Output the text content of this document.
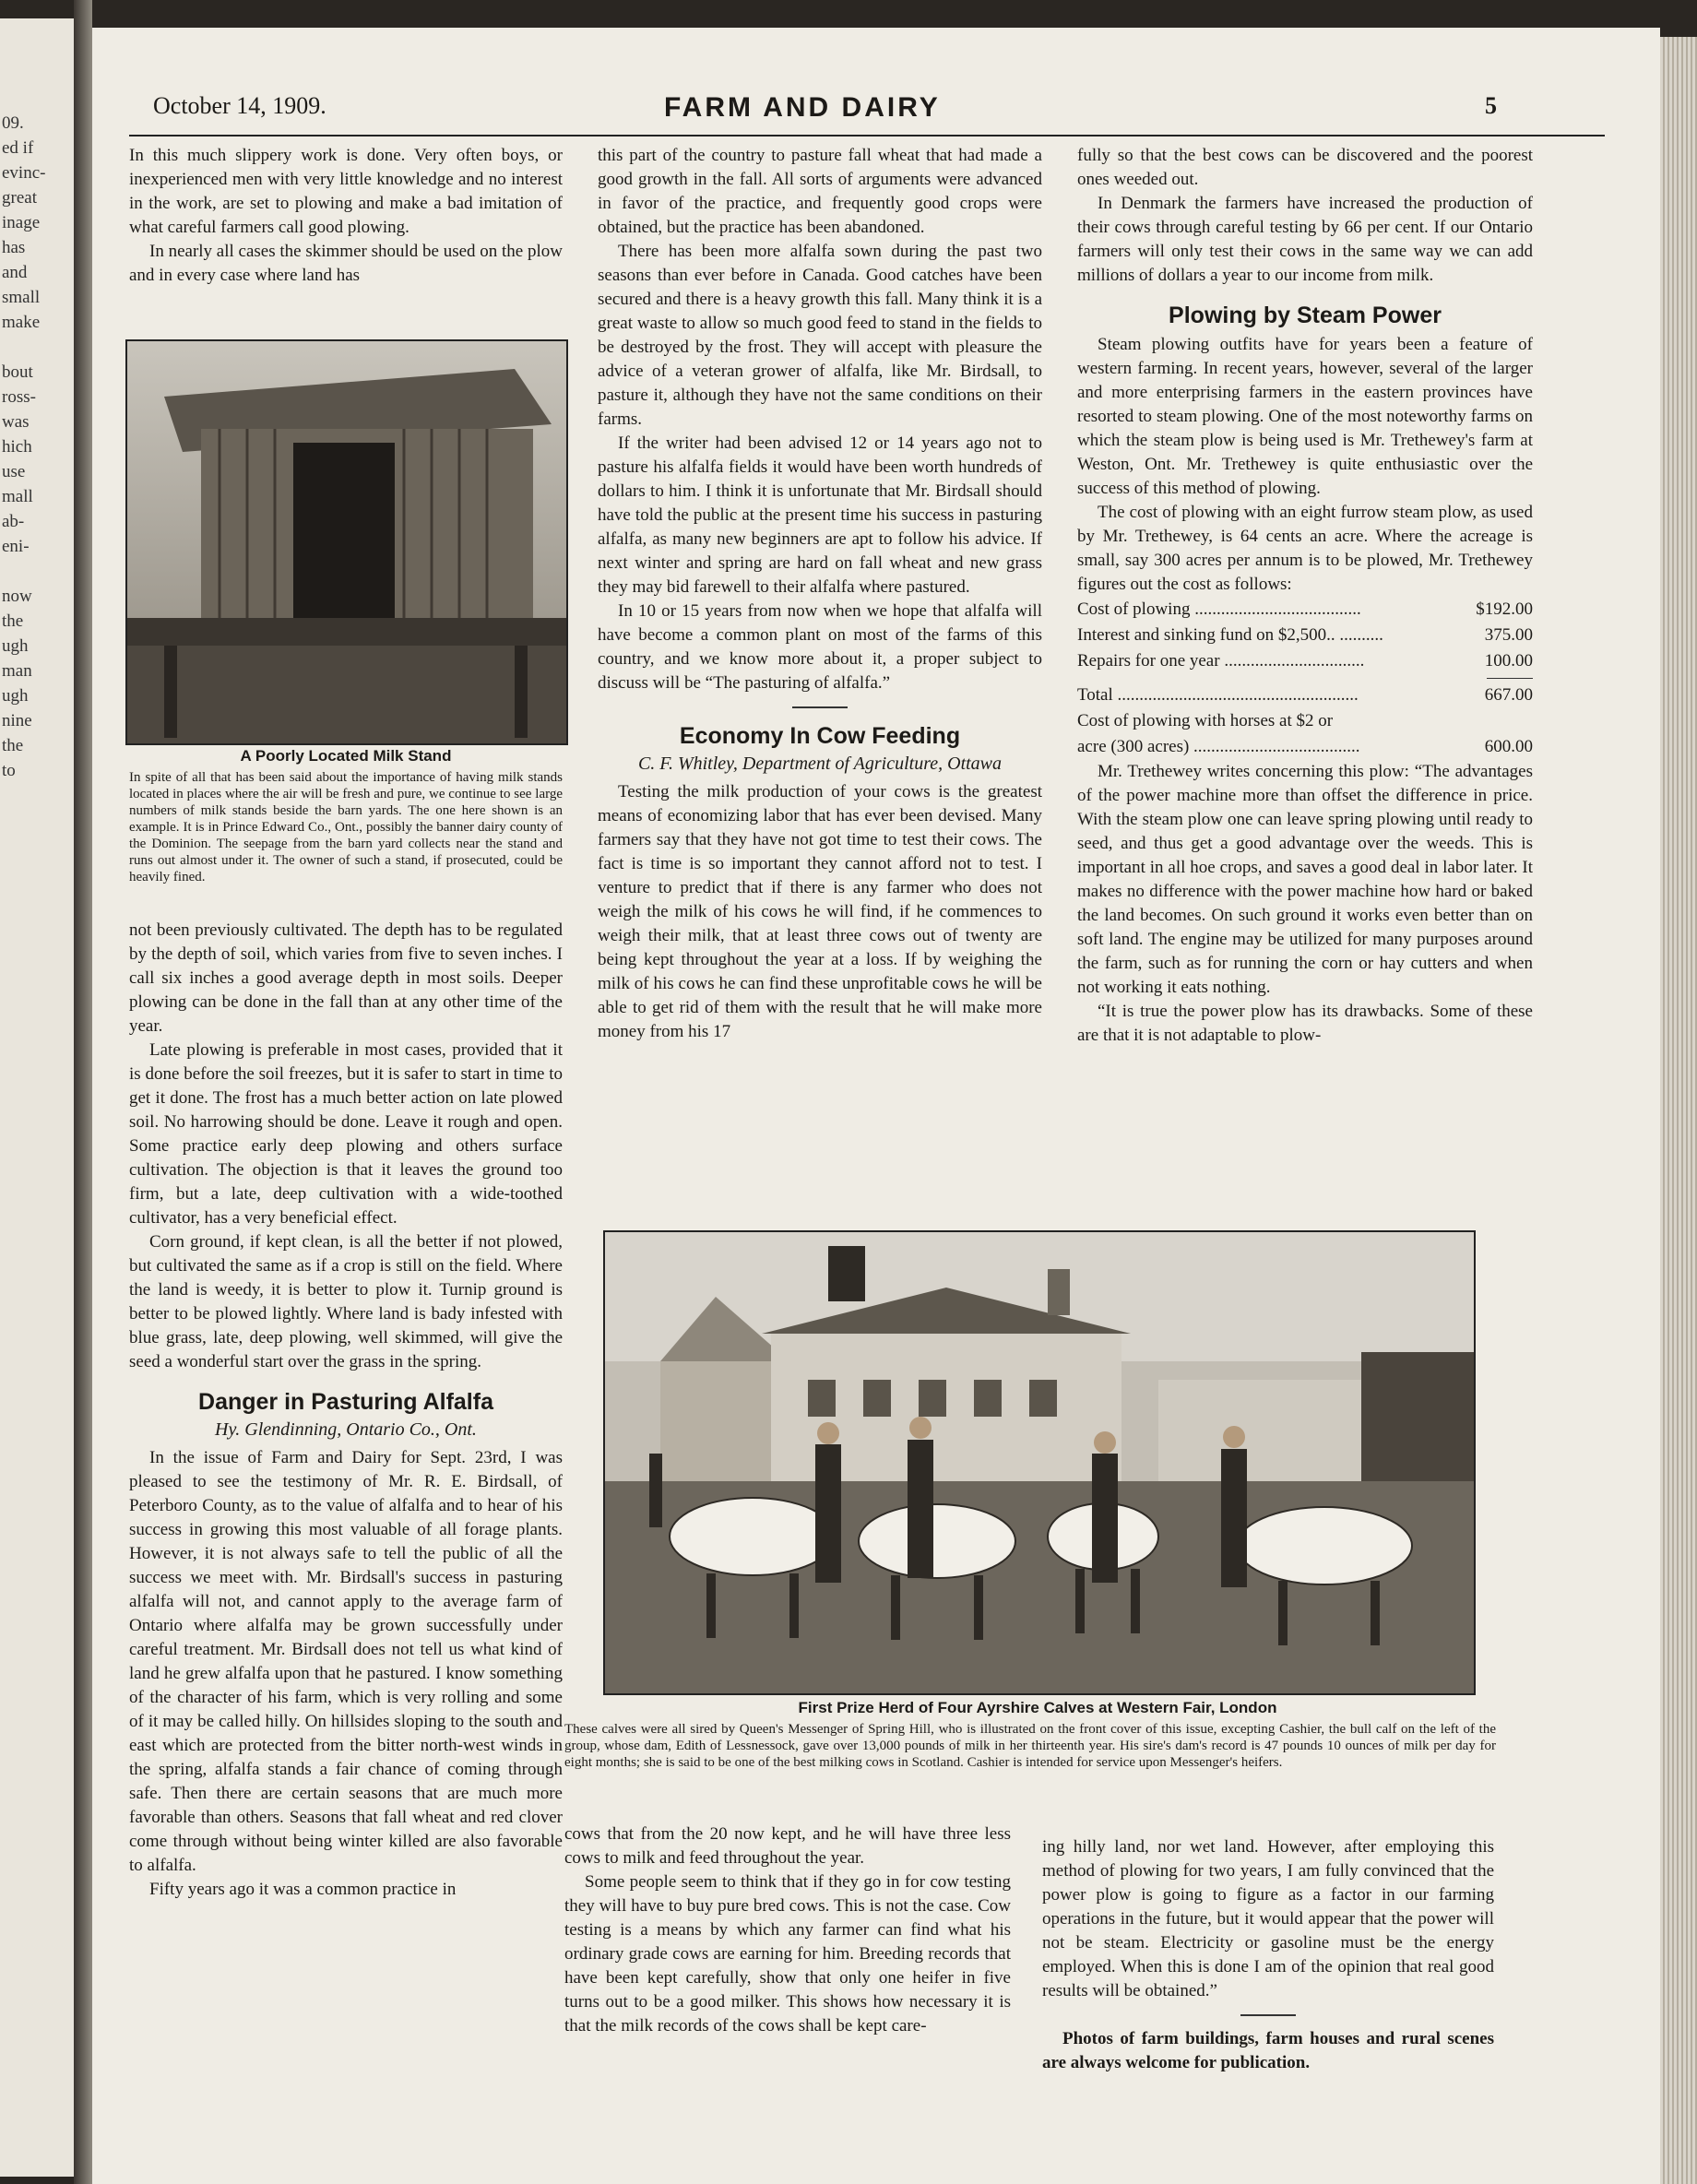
09.
ed if
evinc-
great
inage
has
and
small
make
bout
ross-
was
hich
use
mall
ab-
eni-
now
the
ugh
man
ugh
nine
the
to
October 14, 1909.	FARM AND DAIRY	5

In this much slippery work is done. Very often boys, or inexperienced men with very little knowledge and no interest in the work, are set to plowing and make a bad imitation of what careful farmers call good plowing.

In nearly all cases the skimmer should be used on the plow and in every case where land has

A Poorly Located Milk Stand
In spite of all that has been said about the importance of having milk stands located in places where the air will be fresh and pure, we continue to see large numbers of milk stands beside the barn yards. The one here shown is an example. It is in Prince Edward Co., Ont., possibly the banner dairy county of the Dominion. The seepage from the barn yard collects near the stand and runs out almost under it. The owner of such a stand, if prosecuted, could be heavily fined.

not been previously cultivated. The depth has to be regulated by the depth of soil, which varies from five to seven inches. I call six inches a good average depth in most soils. Deeper plowing can be done in the fall than at any other time of the year.

Late plowing is preferable in most cases, provided that it is done before the soil freezes, but it is safer to start in time to get it done. The frost has a much better action on late plowed soil. No harrowing should be done. Leave it rough and open. Some practice early deep plowing and others surface cultivation. The objection is that it leaves the ground too firm, but a late, deep cultivation with a wide-toothed cultivator, has a very beneficial effect.

Corn ground, if kept clean, is all the better if not plowed, but cultivated the same as if a crop is still on the field. Where the land is weedy, it is better to plow it. Turnip ground is better to be plowed lightly. Where land is bady infested with blue grass, late, deep plowing, well skimmed, will give the seed a wonderful start over the grass in the spring.

Danger in Pasturing Alfalfa
Hy. Glendinning, Ontario Co., Ont.

In the issue of Farm and Dairy for Sept. 23rd, I was pleased to see the testimony of Mr. R. E. Birdsall, of Peterboro County, as to the value of alfalfa and to hear of his success in growing this most valuable of all forage plants. However, it is not always safe to tell the public of all the success we meet with. Mr. Birdsall's success in pasturing alfalfa will not, and cannot apply to the average farm of Ontario where alfalfa may be grown successfully under careful treatment. Mr. Birdsall does not tell us what kind of land he grew alfalfa upon that he pastured. I know something of the character of his farm, which is very rolling and some of it may be called hilly. On hillsides sloping to the south and east which are protected from the bitter north-west winds in the spring, alfalfa stands a fair chance of coming through safe. Then there are certain seasons that are much more favorable than others. Seasons that fall wheat and red clover come through without being winter killed are also favorable to alfalfa.

Fifty years ago it was a common practice in

this part of the country to pasture fall wheat that had made a good growth in the fall. All sorts of arguments were advanced in favor of the practice, and frequently good crops were obtained, but the practice has been abandoned.

There has been more alfalfa sown during the past two seasons than ever before in Canada. Good catches have been secured and there is a heavy growth this fall. Many think it is a great waste to allow so much good feed to stand in the fields to be destroyed by the frost. They will accept with pleasure the advice of a veteran grower of alfalfa, like Mr. Birdsall, to pasture it, although they have not the same conditions on their farms.

If the writer had been advised 12 or 14 years ago not to pasture his alfalfa fields it would have been worth hundreds of dollars to him. I think it is unfortunate that Mr. Birdsall should have told the public at the present time his success in pasturing alfalfa, as many new beginners are apt to follow his advice. If next winter and spring are hard on fall wheat and new grass they may bid farewell to their alfalfa where pastured.

In 10 or 15 years from now when we hope that alfalfa will have become a common plant on most of the farms of this country, and we know more about it, a proper subject to discuss will be “The pasturing of alfalfa.”

Economy In Cow Feeding
C. F. Whitley, Department of Agriculture, Ottawa

Testing the milk production of your cows is the greatest means of economizing labor that has ever been devised. Many farmers say that they have not got time to test their cows. The fact is time is so important they cannot afford not to test. I venture to predict that if there is any farmer who does not weigh the milk of his cows he will find, if he commences to weigh their milk, that at least three cows out of twenty are being kept throughout the year at a loss. If by weighing the milk of his cows he can find these unprofitable cows he will be able to get rid of them with the result that he will make more money from his 17

fully so that the best cows can be discovered and the poorest ones weeded out.

In Denmark the farmers have increased the production of their cows through careful testing by 66 per cent. If our Ontario farmers will only test their cows in the same way we can add millions of dollars a year to our income from milk.

Plowing by Steam Power

Steam plowing outfits have for years been a feature of western farming. In recent years, however, several of the larger and more enterprising farmers in the eastern provinces have resorted to steam plowing. One of the most noteworthy farms on which the steam plow is being used is Mr. Trethewey's farm at Weston, Ont. Mr. Trethewey is quite enthusiastic over the success of this method of plowing.

The cost of plowing with an eight furrow steam plow, as used by Mr. Trethewey, is 64 cents an acre. Where the acreage is small, say 300 acres per annum is to be plowed, Mr. Trethewey figures out the cost as follows:

Cost of plowing ......................................	$192.00
Interest and sinking fund on $2,500.. ..........	375.00
Repairs for one year ................................	100.00
Total .......................................................	667.00
Cost of plowing with horses at $2 or
acre (300 acres) ......................................	600.00

Mr. Trethewey writes concerning this plow: “The advantages of the power machine more than offset the difference in price. With the steam plow one can leave spring plowing until ready to seed, and thus get a good advantage over the weeds. This is important in all hoe crops, and saves a good deal in labor later. It makes no difference with the power machine how hard or baked the land becomes. On such ground it works even better than on soft land. The engine may be utilized for many purposes around the farm, such as for running the corn or hay cutters and when not working it eats nothing.

“It is true the power plow has its drawbacks. Some of these are that it is not adaptable to plow-

First Prize Herd of Four Ayrshire Calves at Western Fair, London
These calves were all sired by Queen's Messenger of Spring Hill, who is illustrated on the front cover of this issue, excepting Cashier, the bull calf on the left of the group, whose dam, Edith of Lessnessock, gave over 13,000 pounds of milk in her thirteenth year. His sire's dam's record is 47 pounds 10 ounces of milk per day for eight months; she is said to be one of the best milking cows in Scotland. Cashier is intended for service upon Messenger's heifers.

cows that from the 20 now kept, and he will have three less cows to milk and feed throughout the year.

Some people seem to think that if they go in for cow testing they will have to buy pure bred cows. This is not the case. Cow testing is a means by which any farmer can find what his ordinary grade cows are earning for him. Breeding records that have been kept carefully, show that only one heifer in five turns out to be a good milker. This shows how necessary it is that the milk records of the cows shall be kept care-

ing hilly land, nor wet land. However, after employing this method of plowing for two years, I am fully convinced that the power plow is going to figure as a factor in our farming operations in the future, but it would appear that the power will not be steam. Electricity or gasoline must be the energy employed. When this is done I am of the opinion that real good results will be obtained.”

Photos of farm buildings, farm houses and rural scenes are always welcome for publication.
